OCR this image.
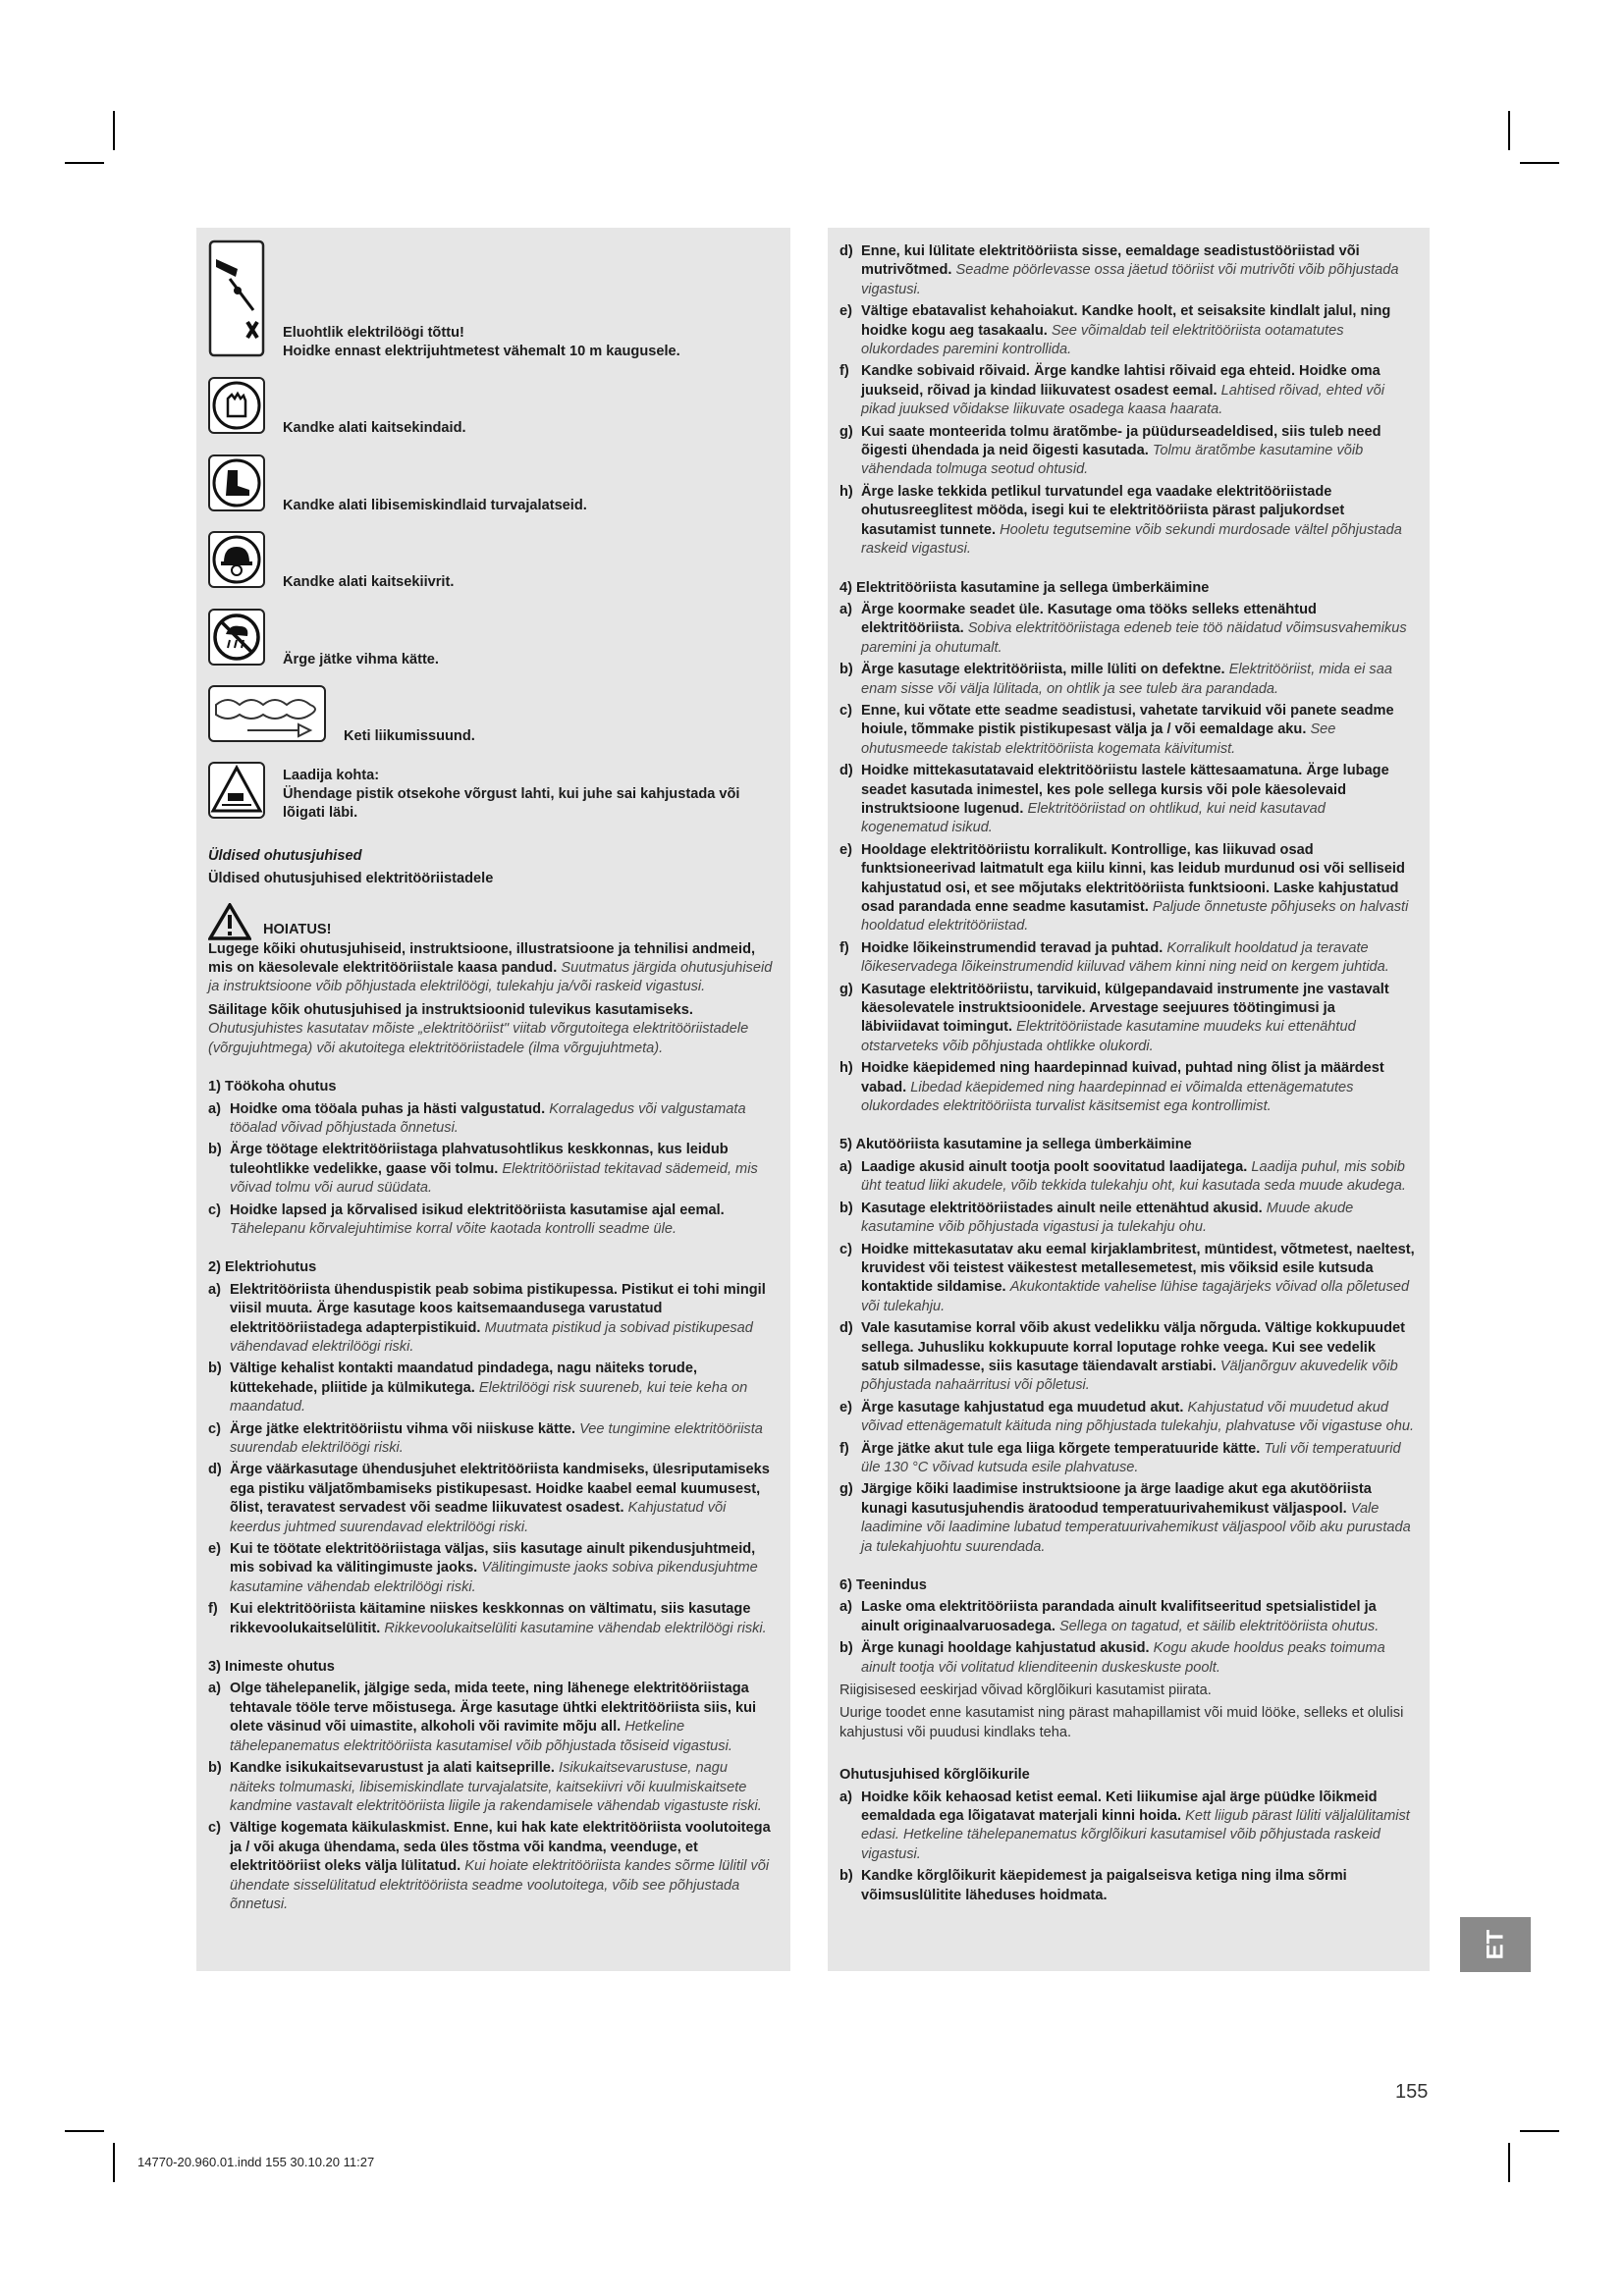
Eluohtlik elektrilöögi tõttu!
Hoidke ennast elektrijuhtmetest vähemalt 10 m kaugusele.
Kandke alati kaitsekindaid.
Kandke alati libisemiskindlaid turvajalatseid.
Kandke alati kaitsekiivrit.
Ärge jätke vihma kätte.
Keti liikumissuund.
Laadija kohta:
Ühendage pistik otsekohe võrgust lahti, kui juhe sai kahjustada või lõigati läbi.

Üldised ohutusjuhised

Üldised ohutusjuhised elektritööriistadele

HOIATUS!

Lugege kõiki ohutusjuhiseid, instruktsioone, illustratsioone ja tehnilisi andmeid, mis on käesolevale elektritööriistale kaasa pandud. Suutmatus järgida ohutusjuhiseid ja instruktsioone võib põhjustada elektrilöögi, tulekahju ja/või raskeid vigastusi.

Säilitage kõik ohutusjuhised ja instruktsioonid tulevikus kasutamiseks.

Ohutusjuhistes kasutatav mõiste „elektritööriist" viitab võrgutoitega elektritööriistadele (võrgujuhtmega) või akutoitega elektritööriistadele (ilma võrgujuhtmeta).

1) Töökoha ohutus

a) Hoidke oma tööala puhas ja hästi valgustatud. Korralagedus või valgustamata tööalad võivad põhjustada õnnetusi.
b) Ärge töötage elektritööriistaga plahvatusohtlikus keskkonnas, kus leidub tuleohtlikke vedelikke, gaase või tolmu. Elektritööriistad tekitavad sädemeid, mis võivad tolmu või aurud süüdata.
c) Hoidke lapsed ja kõrvalised isikud elektritööriista kasutamise ajal eemal. Tähelepanu kõrvalejuhtimise korral võite kaotada kontrolli seadme üle.

2) Elektriohutus

a) Elektritööriista ühenduspistik peab sobima pistikupessa. Pistikut ei tohi mingil viisil muuta. Ärge kasutage koos kaitsemaandusega varustatud elektritööriistadega adapterpistikuid. Muutmata pistikud ja sobivad pistikupesad vähendavad elektrilöögi riski.
b) Vältige kehalist kontakti maandatud pindadega, nagu näiteks torude, küttekehade, pliitide ja külmikutega. Elektrilöögi risk suureneb, kui teie keha on maandatud.
c) Ärge jätke elektritööriistu vihma või niiskuse kätte. Vee tungimine elektritööriista suurendab elektrilöögi riski.
d) Ärge väärkasutage ühendusjuhet elektritööriista kandmiseks, ülesriputamiseks ega pistiku väljatõmbamiseks pistikupesast. Hoidke kaabel eemal kuumusest, õlist, teravatest servadest või seadme liikuvatest osadest. Kahjustatud või keerdus juhtmed suurendavad elektrilöögi riski.
e) Kui te töötate elektritööriistaga väljas, siis kasutage ainult pikendusjuhtmeid, mis sobivad ka välitingimuste jaoks. Välitingimuste jaoks sobiva pikendusjuhtme kasutamine vähendab elektrilöögi riski.
f) Kui elektritööriista käitamine niiskes keskkonnas on vältimatu, siis kasutage rikkevoolukaitselülitit. Rikkevoolukaitselüliti kasutamine vähendab elektrilöögi riski.

3) Inimeste ohutus

a) Olge tähelepanelik, jälgige seda, mida teete, ning lähenege elektritööriistaga tehtavale tööle terve mõistusega. Ärge kasutage ühtki elektritööriista siis, kui olete väsinud või uimastite, alkoholi või ravimite mõju all. Hetkeline tähelepanematus elektritööriista kasutamisel võib põhjustada tõsiseid vigastusi.
b) Kandke isikukaitsevarustust ja alati kaitseprille. Isikukaitsevarustuse, nagu näiteks tolmumaski, libisemiskindlate turvajalatsite, kaitsekiivri või kuulmiskaitsete kandmine vastavalt elektritööriista liigile ja rakendamisele vähendab vigastuste riski.
c) Vältige kogemata käikulaskmist. Enne, kui hak kate elektritööriista voolutoitega ja / või akuga ühendama, seda üles tõstma või kandma, veenduge, et elektritööriist oleks välja lülitatud. Kui hoiate elektritööriista kandes sõrme lülitil või ühendate sisselülitatud elektritööriista seadme voolutoitega, võib see põhjustada õnnetusi.
d) Enne, kui lülitate elektritööriista sisse, eemaldage seadistustööriistad või mutrivõtmed. Seadme pöörlevasse ossa jäetud tööriist või mutrivõti võib põhjustada vigastusi.
e) Vältige ebatavalist kehahoiakut. Kandke hoolt, et seisaksite kindlalt jalul, ning hoidke kogu aeg tasakaalu. See võimaldab teil elektritööriista ootamatutes olukordades paremini kontrollida.
f) Kandke sobivaid rõivaid. Ärge kandke lahtisi rõivaid ega ehteid. Hoidke oma juukseid, rõivad ja kindad liikuvatest osadest eemal. Lahtised rõivad, ehted või pikad juuksed võidakse liikuvate osadega kaasa haarata.
g) Kui saate monteerida tolmu äratõmbe- ja püüdurseadeldised, siis tuleb need õigesti ühendada ja neid õigesti kasutada. Tolmu äratõmbe kasutamine võib vähendada tolmuga seotud ohtusid.
h) Ärge laske tekkida petlikul turvatundel ega vaadake elektritööriistade ohutusreeglitest mööda, isegi kui te elektritööriista pärast paljukordset kasutamist tunnete. Hooletu tegutsemine võib sekundi murdosade vältel põhjustada raskeid vigastusi.

4) Elektritööriista kasutamine ja sellega ümberkäimine

a) Ärge koormake seadet üle. Kasutage oma tööks selleks ettenähtud elektritööriista. Sobiva elektritööriistaga edeneb teie töö näidatud võimsusvahemikus paremini ja ohutumalt.
b) Ärge kasutage elektritööriista, mille lüliti on defektne. Elektritööriist, mida ei saa enam sisse või välja lülitada, on ohtlik ja see tuleb ära parandada.
c) Enne, kui võtate ette seadme seadistusi, vahetate tarvikuid või panete seadme hoiule, tõmmake pistik pistikupesast välja ja / või eemaldage aku. See ohutusmeede takistab elektritööriista kogemata käivitumist.
d) Hoidke mittekasutatavaid elektritööriistu lastele kättesaamatuna. Ärge lubage seadet kasutada inimestel, kes pole sellega kursis või pole käesolevaid instruktsioone lugenud. Elektritööriistad on ohtlikud, kui neid kasutavad kogenematud isikud.
e) Hooldage elektritööriistu korralikult. Kontrollige, kas liikuvad osad funktsioneerivad laitmatult ega kiilu kinni, kas leidub murdunud osi või selliseid kahjustatud osi, et see mõjutaks elektritööriista funktsiooni. Laske kahjustatud osad parandada enne seadme kasutamist. Paljude õnnetuste põhjuseks on halvasti hooldatud elektritööriistad.
f) Hoidke lõikeinstrumendid teravad ja puhtad. Korralikult hooldatud ja teravate lõikeservadega lõikeinstrumendid kiiluvad vähem kinni ning neid on kergem juhtida.
g) Kasutage elektritööriistu, tarvikuid, külgepandavaid instrumente jne vastavalt käesolevatele instruktsioonidele. Arvestage seejuures töötingimusi ja läbiviidavat toimingut. Elektritööriistade kasutamine muudeks kui ettenähtud otstarveteks võib põhjustada ohtlikke olukordi.
h) Hoidke käepidemed ning haardepinnad kuivad, puhtad ning õlist ja määrdest vabad. Libedad käepidemed ning haardepinnad ei võimalda ettenägematutes olukordades elektritööriista turvalist käsitsemist ega kontrollimist.

5) Akutööriista kasutamine ja sellega ümberkäimine

a) Laadige akusid ainult tootja poolt soovitatud laadijatega. Laadija puhul, mis sobib üht teatud liiki akudele, võib tekkida tulekahju oht, kui kasutada seda muude akudega.
b) Kasutage elektritööriistades ainult neile ettenähtud akusid. Muude akude kasutamine võib põhjustada vigastusi ja tulekahju ohu.
c) Hoidke mittekasutatav aku eemal kirjaklambritest, müntidest, võtmetest, naeltest, kruvidest või teistest väikestest metallesemetest, mis võiksid esile kutsuda kontaktide sildamise. Akukontaktide vahelise lühise tagajärjeks võivad olla põletused või tulekahju.
d) Vale kasutamise korral võib akust vedelikku välja nõrguda. Vältige kokkupuudet sellega. Juhusliku kokkupuute korral loputage rohke veega. Kui see vedelik satub silmadesse, siis kasutage täiendavalt arstiabi. Väljanõrguv akuvedelik võib põhjustada nahaärritusi või põletusi.
e) Ärge kasutage kahjustatud ega muudetud akut. Kahjustatud või muudetud akud võivad ettenägematult käituda ning põhjustada tulekahju, plahvatuse või vigastuse ohu.
f) Ärge jätke akut tule ega liiga kõrgete temperatuuride kätte. Tuli või temperatuurid üle 130 °C võivad kutsuda esile plahvatuse.
g) Järgige kõiki laadimise instruktsioone ja ärge laadige akut ega akutööriista kunagi kasutusjuhendis äratoodud temperatuurivahemikust väljaspool. Vale laadimine või laadimine lubatud temperatuurivahemikust väljaspool võib aku purustada ja tulekahjuohtu suurendada.

6) Teenindus

a) Laske oma elektritööriista parandada ainult kvalifitseeritud spetsialistidel ja ainult originaalvaruosadega. Sellega on tagatud, et säilib elektritööriista ohutus.
b) Ärge kunagi hooldage kahjustatud akusid. Kogu akude hooldus peaks toimuma ainult tootja või volitatud klienditeenin duskeskuste poolt.

Riigisisesed eeskirjad võivad kõrglõikuri kasutamist piirata.

Uurige toodet enne kasutamist ning pärast mahapillamist või muid lööke, selleks et olulisi kahjustusi või puudusi kindlaks teha.

Ohutusjuhised kõrglõikurile

a) Hoidke kõik kehaosad ketist eemal. Keti liikumise ajal ärge püüdke lõikmeid eemaldada ega lõigatavat materjali kinni hoida. Kett liigub pärast lüliti väljalülitamist edasi. Hetkeline tähelepanematus kõrglõikuri kasutamisel võib põhjustada raskeid vigastusi.
b) Kandke kõrglõikurit käepidemest ja paigalseisva ketiga ning ilma sõrmi võimsuslülitite läheduses hoidmata.
ET
155
14770-20.960.01.indd 155 30.10.20 11:27
